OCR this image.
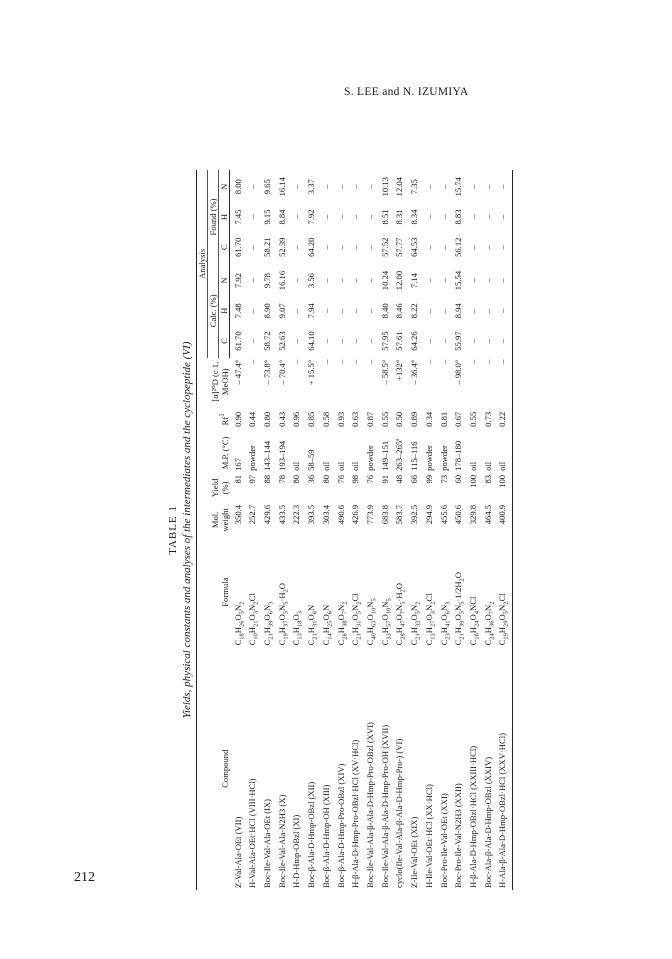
S. LEE and N. IZUMIYA
TABLE 1 Yields, physical constants and analyses of the intermediates and the cyclopeptide (VI)
Compound	Formula	Mol. weight	Yield (%)	M.P. (°C)	Rf$^1$	[α]²⁰D (c 1, MeOH)	Analysis					
							Calc. (%)			Found (%)		
							C	H	N	C	H	N
Z-Val-Ala-OEt (VII)	$C_{18}H_{26}O_5N_2$	350.4	81	167	0.90	– 47.4°	61.70	7.48	7.92	61.70	7.45	8.00
H-Val-Ala-OEt·HCl (VIII·HCl)	$C_{10}H_{21}O_3N_2Cl$	252.7	97	powder	0.44	–	–	–	–	–	–	–
Boc-Ile-Val-Ala-OEt (IX)	$C_{21}H_{39}O_6N_3$	429.6	88	143–144	0.80	– 73.8°	58.72	8.90	9.78	58.21	9.15	9.65
Boc-Ile-Val-Ala-N2H3 (X)	$C_{19}H_{37}O_5N_5\cdot H_2O$	433.5	78	193–194	0.43	– 70.4°	52.63	9.07	16.16	52.39	8.84	16.14
H-D-Hmp-OBzl (XI)	$C_{13}H_{18}O_3$	222.3	80	oil	0.96	–	–	–	–	–	–	–
Boc-β-Ala-D-Hmp-OBzl (XII)	$C_{21}H_{31}O_6N$	393.5	36	58–59	0.85	+ 15.5°	64.10	7.94	3.56	64.20	7.92	3.37
Boc-β-Ala-D-Hmp-OH (XIII)	$C_{14}H_{25}O_6N$	303.4	80	oil	0.58	–	–	–	–	–	–	–
Boc-β-Ala-D-Hmp-Pro-OBzl (XIV)	$C_{26}H_{38}O_7N_2$	490.6	76	oil	0.93	–	–	–	–	–	–	–
H-β-Ala-D-Hmp-Pro-OBzl·HCl (XV·HCl)	$C_{21}H_{31}O_5N_2Cl$	426.9	98	oil	0.63	–	–	–	–	–	–	–
Boc-Ile-Val-Ala-β-Ala-D-Hmp-Pro-OBzl (XVI)	$C_{40}H_{63}O_{10}N_5$	773.9	76	powder	0.87	–	–	–	–	–	–	–
Boc-Ile-Val-Ala-β-Ala-D-Hmp-Pro-OH (XVII)	$C_{33}H_{57}O_{10}N_5$	683.8	91	149–151	0.55	– 58.5°	57.95	8.40	10.24	57.52	8.51	10.13
cyclo(Ile-Val-Ala-β-Ala-D-Hmp-Pro-) (VI)	$C_{28}H_{47}O_7N_5\cdot H_2O$	583.7	48	263–265ª	0.50	+132°	57.61	8.46	12.00	57.77	8.31	12.04
Z-Ile-Val-OEt (XIX)	$C_{21}H_{32}O_5N_2$	392.5	66	115–116	0.89	– 36.4°	64.26	8.22	7.14	64.53	8.34	7.35
H-Ile-Val-OEt·HCl (XX·HCl)	$C_{13}H_{27}O_3N_2Cl$	294.9	99	powder	0.34	–	–	–	–	–	–	–
Boc-Pro-Ile-Val-OEt (XXI)	$C_{23}H_{41}O_6N_3$	455.6	73	powder	0.81	–	–	–	–	–	–	–
Boc-Pro-Ile-Val-N2H3 (XXII)	$C_{21}H_{39}O_5N_5\cdot 1/2H_2O$	450.6	60	178–180	0.67	– 98.0°	55.97	8.94	15.54	56.12	8.83	15.74
H-β-Ala-D-Hmp-OBzl·HCl (XXIII·HCl)	$C_{16}H_{24}O_4NCl$	329.8	100	oil	0.55	–	–	–	–	–	–	–
Boc-Ala-β-Ala-D-Hmp-OBzl (XXIV)	$C_{24}H_{36}O_7N_2$	464.5	83	oil	0.73	–	–	–	–	–	–	–
H-Ala-β-Ala-D-Hmp-OBzl·HCl (XXV·HCl)	$C_{19}H_{29}O_5N_2Cl$	400.9	100	oil	0.22	–	–	–	–	–	–	–
212
